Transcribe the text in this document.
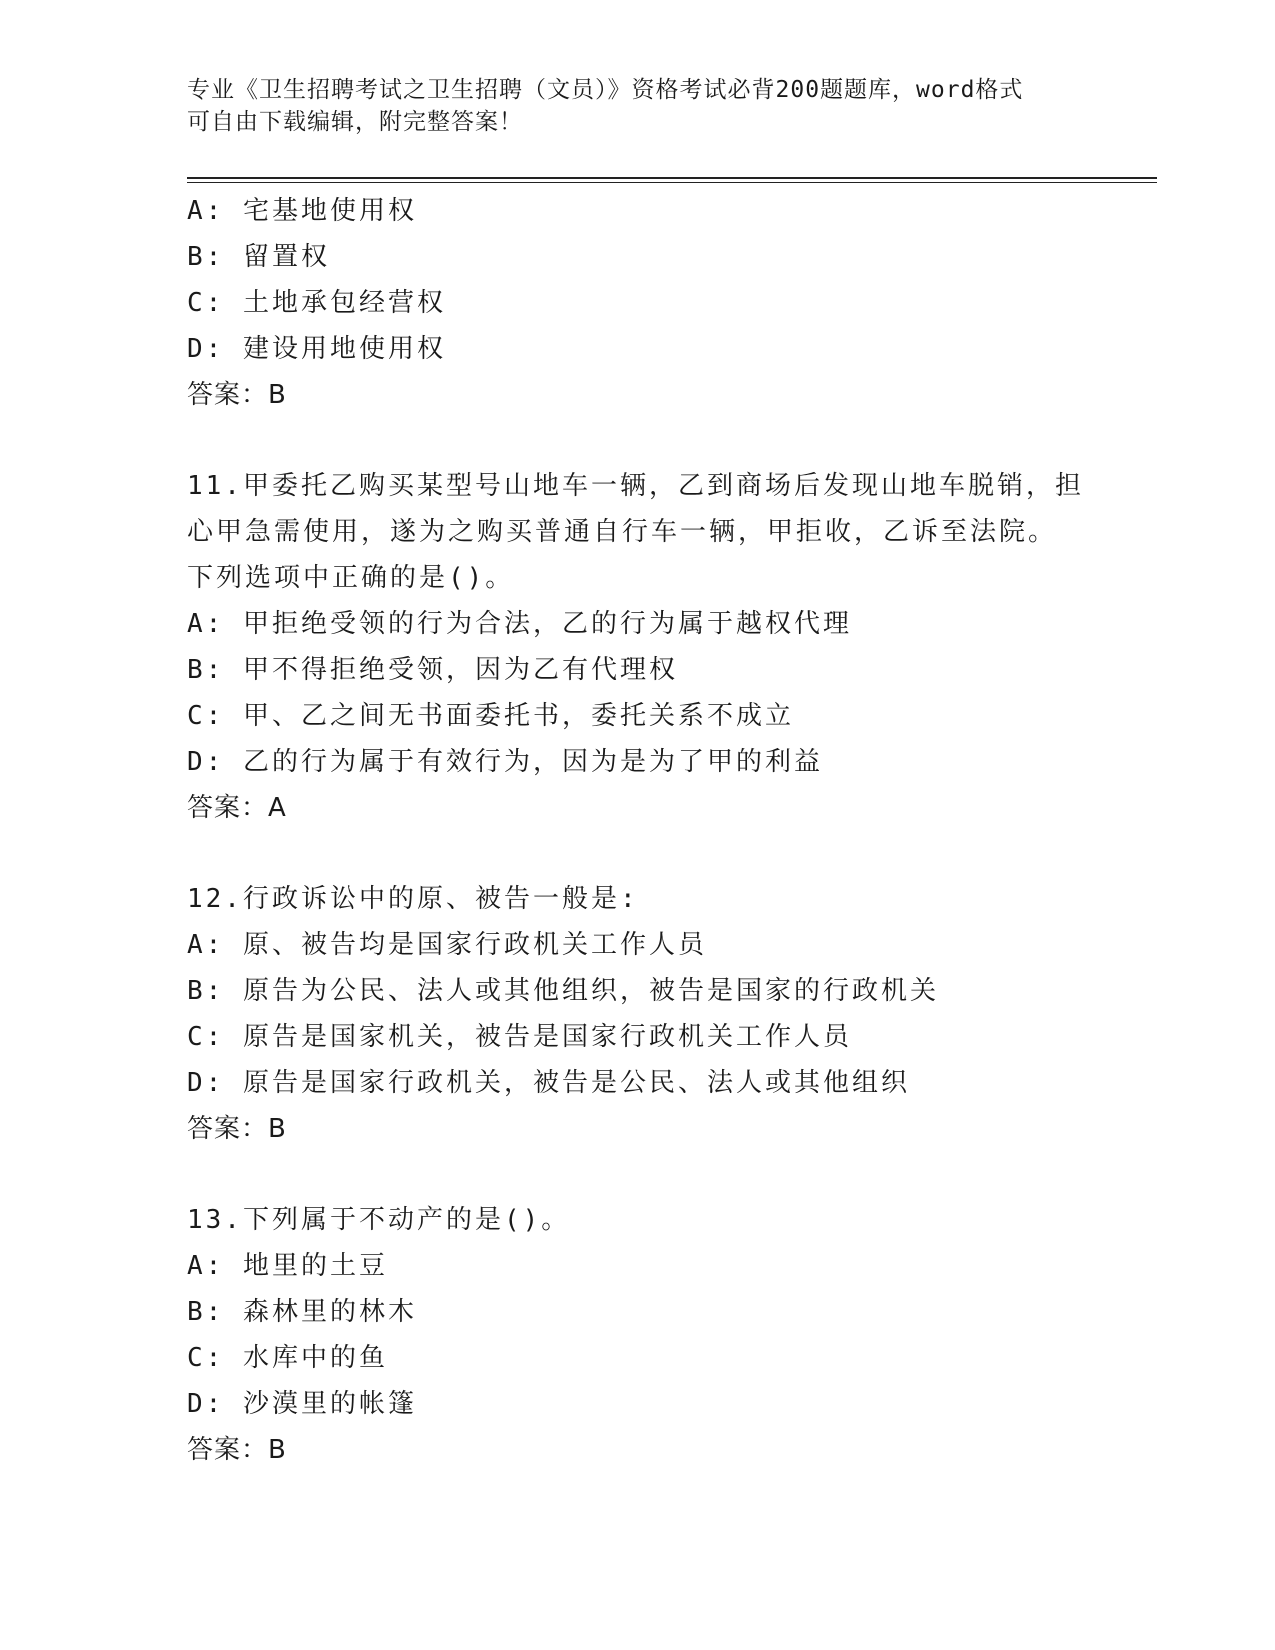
专业《卫生招聘考试之卫生招聘（文员）》资格考试必背200题题库，word格式
可自由下载编辑，附完整答案！
A: 宅基地使用权
B: 留置权
C: 土地承包经营权
D: 建设用地使用权
答案：B
11.甲委托乙购买某型号山地车一辆，乙到商场后发现山地车脱销，担
心甲急需使用，遂为之购买普通自行车一辆，甲拒收，乙诉至法院。
下列选项中正确的是()。
A: 甲拒绝受领的行为合法，乙的行为属于越权代理
B: 甲不得拒绝受领，因为乙有代理权
C: 甲、乙之间无书面委托书，委托关系不成立
D: 乙的行为属于有效行为，因为是为了甲的利益
答案：A
12.行政诉讼中的原、被告一般是:
A: 原、被告均是国家行政机关工作人员
B: 原告为公民、法人或其他组织，被告是国家的行政机关
C: 原告是国家机关，被告是国家行政机关工作人员
D: 原告是国家行政机关，被告是公民、法人或其他组织
答案：B
13.下列属于不动产的是()。
A: 地里的土豆
B: 森林里的林木
C: 水库中的鱼
D: 沙漠里的帐篷
答案：B
